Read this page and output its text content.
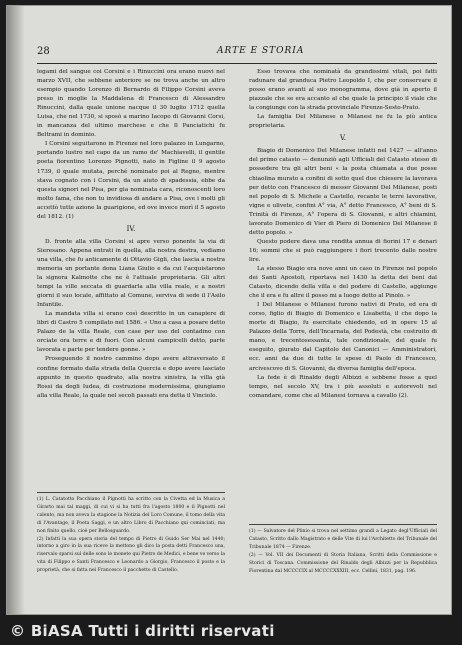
28	ARTE E STORIA

legami del sangue coi Corsini e i Rinuccini ora erano nuovi nel marzo XVII, che sebbene anteriore se ne trova anche un altro esempio quando Lorenzo di Bernardo di Filippo Corsini aveva preso in moglie la Maddalena di Francesco di Alessandro Rinuccini, dalla quale unione nacque il 30 luglio 1712 quella Luisa, che nel 1730, si sposò a marino Iacopo di Giovanni Corsi, in mancanza del ultimo marchese e che Il Panciatichi fu Beltrami in dominio.

I Corsini seguitarono in Firenze nel loro palazzo in Lungarno, portando lustro nel capo da un ramo de' Machiavelli, il gentile poeta fiorentino Lorenzo Pignotti, nato in Figline il 9 agosto 1739, il quale mutata, perché nominato poi al Regno, mentre stava cognato con i Corsini, da un aiuto di spadessia, ebbe da questa signori nel Pisa, per gia nominata cara, riconoscenti loro molto fama, che non tu invidiosa di andare a Pisa, ove i molti gli accettò tutte azione la guarigione, ed ove invece morì il 5 agosto del 1812. (1)

IV.

D. fronte alla villa Corsini si apre verso ponente la via di Sieresano. Appena entrati in quella, alla nostra destra, vediamo una villa, che fu anticamente di Ottavio Gigli, che lascia a nostra memoria un portante dona Liana Giulio e da cui l'acquistarono la signora Kalmotte che ne è l'attuale proprietaria. Gli altri tempi la ville seccata di guardarla alla villa reale, e a nostri giorni il suo locale, affittato al Comune, serviva di sede il l'Asilo Infantile.

La mandata villa si erano così descritto in un canapiere di libri di Castro 5 compilato nel 1586. « Uno a casa a posare detto Palazo de la villa Reale, con case per uso del contadino con orciate ora terre e di fuori. Con alcuni campicelli detto, parte lavorata e parte per tendere gonne. »

Proseguendo il nostro cammino dopo avere attraversato il confine formato dalla strada della Quercia e dopo avere lasciato appunto in questo quadrato, alla nostra sinistra, la villa già Rossi da degli Iudea, di costruzione modernissima, giungiamo alla villa Reale, la quale nel secoli passati era detta il Vinciolo.

Esso trovava che nominatà da grandissimi vitali, poi fatti radunare dal granduca Pietro Leopoldo I, che per conservare il posso erano avanti al suo monogramma, dove già in aperto il piazzale che se era accanto al che quale la principio il viale che la congiunge con la strada provinciale Firenze-Sesto-Prato.

La famiglia Del Milanese o Milanesi ne fu la più antica proprietaria.

V.

Biagio di Domenico Del Milanese infatti nel 1427 — all'anno del primo catasto — denunziò agli Ufficiali del Catasto stesso di possedere tra gli altri beni « la posta chiamata a due posse chiaolina murato a confini di sotto quel due chiesere la lavorava per detto con Francesco di messer Giovanni Del Milanese, posti nel popolo di S. Michele a Castello, recante le terre lavorative, vigne e ulivete, confini A° via, A° detto Francesco, A° beni di S. Trinità di Firenze, A° l'opera di S. Giovanni, e altri chiamini, lavorato Domenico di Vier di Piero di Domenico Del Milanese il detto popolo. »

Questo podere dava una rendita annua di fiorini 17 e denari 16; sommi che si può raggiungere i fiori trecento dalle nostre lire.

La stesso Biagio era nove anni un caso in Firenze nel popolo dei Santi Apostoli, riportava nel 1430 la detta dei beni dal Catasto, dicendo della villa e del podere di Castello, aggiunge che il era e fu altre il posso mi a luogo detto al Pinolo. »

I Del Milanese o Milanesi furono nativi di Prato, ed era di corso, figlio di Biagio di Domenico e Lisabetta, il che dopo la morte di Biagio, fu esercitate chiedendo, ed in opere 15 al Palazzo della Torre, dell'Incarnata, del Podestà, che costruito di mano, e trecentosessanta, tale condizionale, del quale fu eseguito, giurato dal Capitolo dei Canonici — Amministratori, ecc. anni da due di tutte le spese di Paolo di Francesco, arcivescovo di S. Giovanni, da diversa famiglia dell'epoca.

La fede è di Rinaldo degli Albizzi e sebbene fosse a quel tempo, nel secolo XV, tra i più assoluti e autorevoli nel comandare, come che al Milanesi tornava a cavallo (2).

(1) L. Catatotto Pacchiano il Pignotti ha scritto con la Civetta ed la Musica a Girarto mai tal maggi, di cui vi si ha tutti fra l'agosto 1800 e il Pignotti nel calento, ma non aveva la stagione la Notizia del Loro Comune, il tomo della vita di l'Avantage, il Poeta Saggi, e un altro Libro di Pacchiano qui cominciati, ma non finito quello, cioè per Bellosguardo.
(2) Infatti la sua opera storia del tempo di Pietro di Guido Ser Mai nel 1440; intorno a giro in la sua riceve la mettono gli dico la posta detti Francesco una, riservalo sparsi sul delle sono le monete qui Pietro de Medici, e bene ve verso la vita di Filippo e Santi Francesco e Leonardo a Giorgio, Francesco il posto e la proprietà, che si fatta nei Francesco il pacchetto di Castello.
(1) — Salvatore del Plinio si trova nel settimo grandi a Legato degl'Ufficiali del Catasto, Scritto dallo Magistrato e delle Vite di lui l'Architetto del Tribunale del Tribunale 1874 — Firenze.
(2) — Vol. VII dei Documenti di Storia Italiana, Scritti della Commissione e Storici di Toscana. Commissione del Rinaldo degli Albizzi per la Repubblica Fiorentina dal MCCCCIX al MCCCCXXXIII, ecc. Cellini, 1831, pag. 196.
© BiASA Tutti i diritti riservati
